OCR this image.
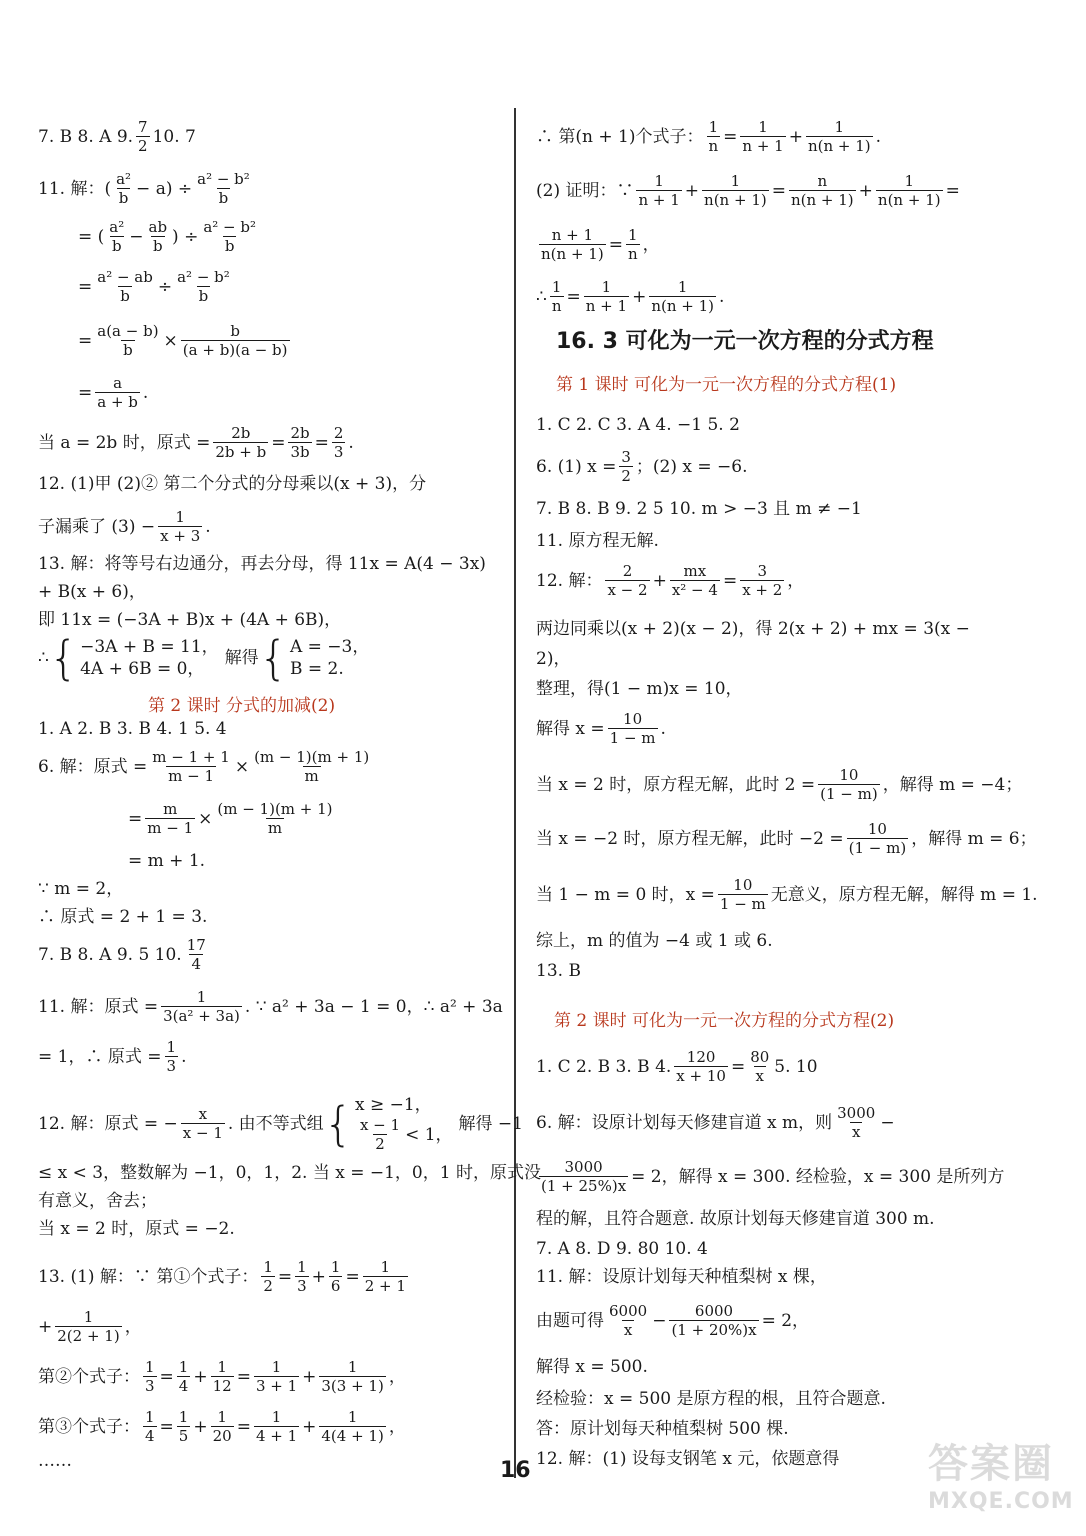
7. B 8. A 9. $\frac{7}{2} 10$. 7
11. 解：( $\frac{\text{a²}}{b} - a) \div \frac{\text{a² − b²}}{b}$
= ( $\frac{\text{a²}}{b} - \frac{ab}{b}$ ) ÷ $\frac{\text{a² − b²}}{b}$
= $\frac{\text{a² − ab}}{b} \div \frac{\text{a² − b²}}{b}$
= $\frac{a(a - b)}{b} \times \frac{b}{(a + b)(a - b)}$
= $\frac{a}{a + b}$ .
当 a = 2b 时，原式 = $\frac{2b}{2b + b} = \frac{2b}{3b} = \frac{2}{3}$ .
12. (1)甲 (2)② 第二个分式的分母乘以(x + 3)，分
子漏乘了 $(3) - \frac{1}{x + 3}$ .
13. 解：将等号右边通分，再去分母，得 11x = A(4 − 3x)
+ B(x + 6)，
即 11x = (−3A + B)x + (4A + 6B)，
∴ { −3A + B = 11，
4A + 6B = 0，
解得 { A = −3，
B = 2.
第 2 课时 分式的加减(2)
1. A 2. B 3. B 4. 1 5. 4
6. 解：原式 = $\frac{m - 1 + 1}{m - 1} \times \frac{(m - 1)(m + 1)}{m}$
= $\frac{m}{m - 1} \times \frac{(m - 1)(m + 1)}{m}$
= m + 1.
∵ m = 2，
∴ 原式 = 2 + 1 = 3.
7. B 8. A 9. 5 10. $\frac{17}{4}$
11. 解：原式 = $\frac{1}{\text{3(a² + 3a)}}$ . ∵ a² + 3a − 1 = 0，∴ a² + 3a
= 1，∴ 原式 = $\frac{1}{3}$ .
12. 解：原式 = − $\frac{x}{x - 1}$ . 由不等式组 { x ≥ −1，
$\frac{x - 1}{2} < 1$，
解得 −1
≤ x < 3，整数解为 −1，0，1，2. 当 x = −1，0，1 时，原式没
有意义，舍去；
当 x = 2 时，原式 = −2.
13. (1) 解：∵ 第①个式子： $\frac{1}{2} = \frac{1}{3} + \frac{1}{6} = \frac{1}{2 + 1}$
+ $\frac{1}{2(2 + 1)}$ ，
第②个式子： $\frac{1}{3} = \frac{1}{4} + \frac{1}{12} = \frac{1}{3 + 1} + \frac{1}{3(3 + 1)}$ ，
第③个式子： $\frac{1}{4} = \frac{1}{5} + \frac{1}{20} = \frac{1}{4 + 1} + \frac{1}{4(4 + 1)}$ ，
……
∴ 第(n + 1)个式子： $\frac{1}{n} = \frac{1}{n + 1} + \frac{1}{n(n + 1)}$ .
(2) 证明：∵ $\frac{1}{n + 1} + \frac{1}{n(n + 1)} = \frac{n}{n(n + 1)} + \frac{1}{n(n + 1)}$ =
$\frac{n + 1}{n(n + 1)} = \frac{1}{n}$ ，
∴ $\frac{1}{n} = \frac{1}{n + 1} + \frac{1}{n(n + 1)}$ .
16. 3 可化为一元一次方程的分式方程
第 1 课时 可化为一元一次方程的分式方程(1)
1. C 2. C 3. A 4. −1 5. 2
6. (1) $x = \frac{3}{2}$ ；(2) x = −6.
7. B 8. B 9. 2 5 10. m > −3 且 m ≠ −1
11. 原方程无解.
12. 解： $\frac{2}{x - 2} + \frac{mx}{\text{x² − 4}} = \frac{3}{x + 2}$ ，
两边同乘以(x + 2)(x − 2)，得 2(x + 2) + mx = 3(x −
2)，
整理，得(1 − m)x = 10，
解得 $x = \frac{10}{1 - m}$ .
当 x = 2 时，原方程无解，此时 $2 = \frac{10}{(1 - m)}$ ，解得 m = −4；
当 x = −2 时，原方程无解，此时 $-2 = \frac{10}{(1 - m)}$ ，解得 m = 6；
当 1 − m = 0 时，$x = \frac{10}{1 - m}$ 无意义，原方程无解，解得 m = 1.
综上，m 的值为 −4 或 1 或 6.
13. B
第 2 课时 可化为一元一次方程的分式方程(2)
1. C 2. B 3. B 4. $\frac{120}{x + 10} = \frac{80}{x} 5$. 10
6. 解：设原计划每天修建盲道 x m，则 $\frac{3000}{x}$ −
$\frac{3000}{(1 + 25\%)x} = 2$，解得 x = 300. 经检验，x = 300 是所列方
程的解，且符合题意. 故原计划每天修建盲道 300 m.
7. A 8. D 9. 80 10. 4
11. 解：设原计划每天种植梨树 x 棵，
由题可得 $\frac{6000}{x} - \frac{6000}{(1 + 20\%)x} = 2$，
解得 x = 500.
经检验：x = 500 是原方程的根，且符合题意.
答：原计划每天种植梨树 500 棵.
12. 解：(1) 设每支钢笔 x 元，依题意得
16	答案圈
MXQE.COM
